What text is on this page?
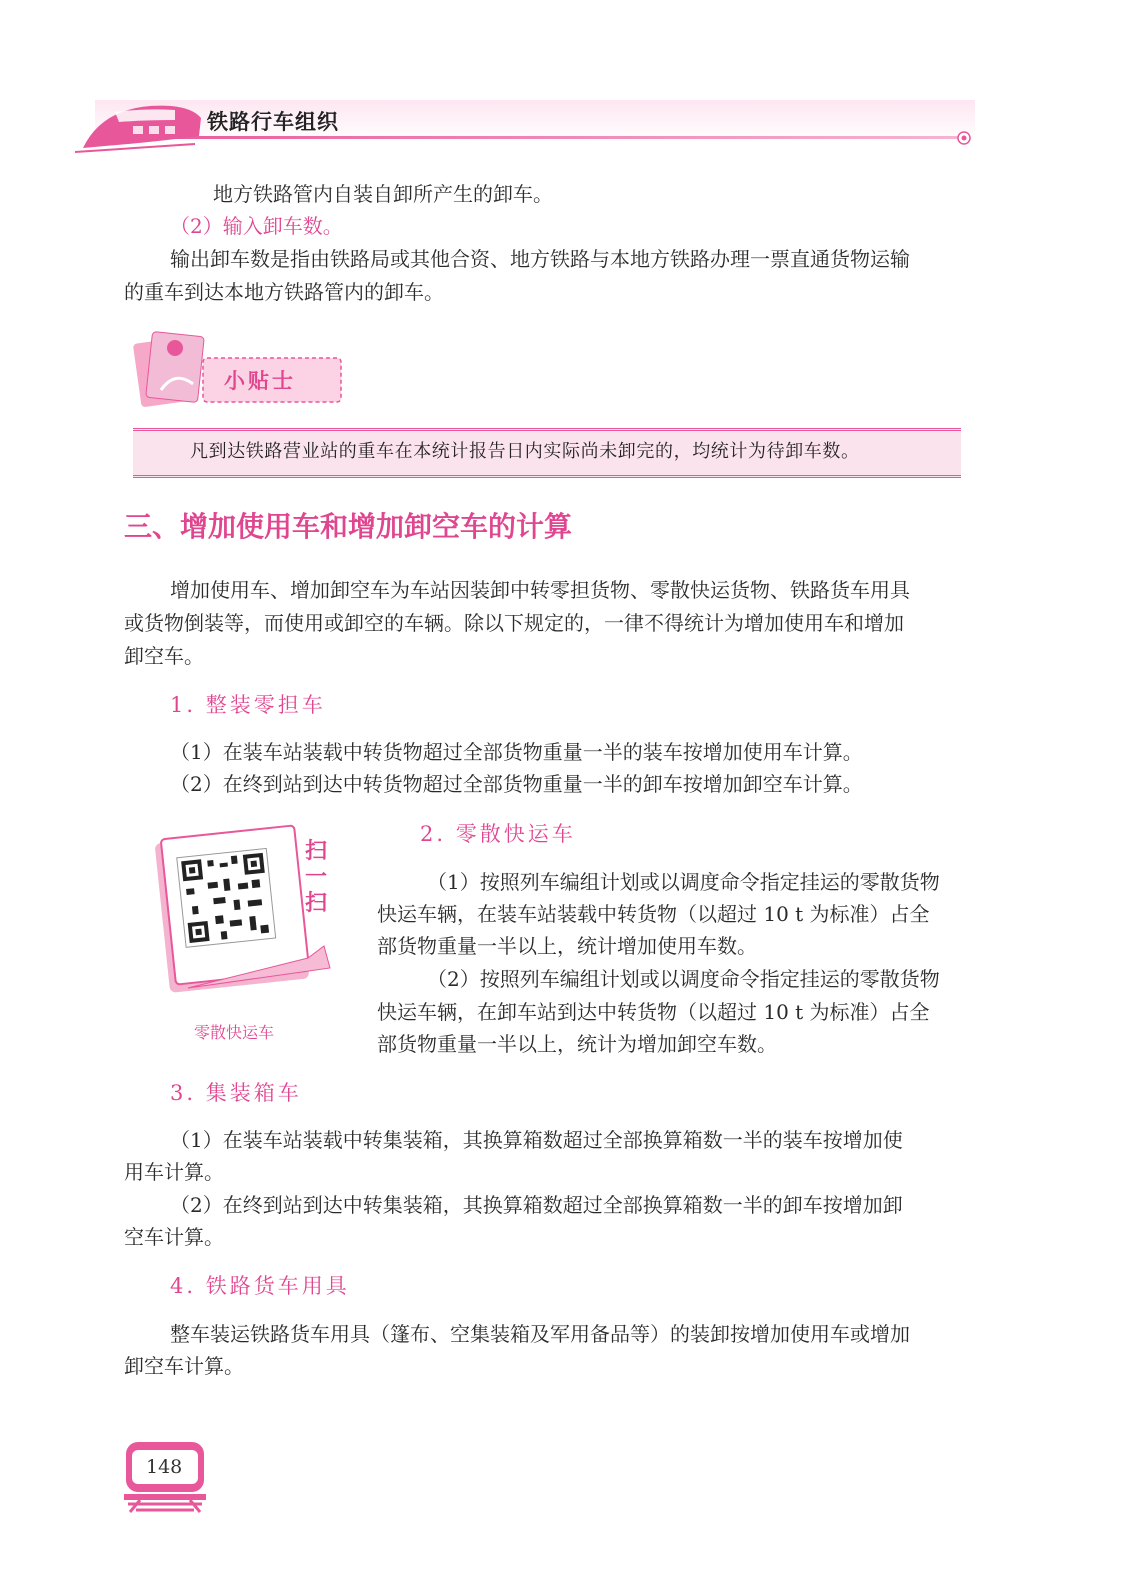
铁路行车组织
地方铁路管内自装自卸所产生的卸车。
（2）输入卸车数。
输出卸车数是指由铁路局或其他合资、地方铁路与本地方铁路办理一票直通货物运输
的重车到达本地方铁路管内的卸车。
小贴士
凡到达铁路营业站的重车在本统计报告日内实际尚未卸完的，均统计为待卸车数。
三、增加使用车和增加卸空车的计算
增加使用车、增加卸空车为车站因装卸中转零担货物、零散快运货物、铁路货车用具
或货物倒装等，而使用或卸空的车辆。除以下规定的，一律不得统计为增加使用车和增加
卸空车。
1. 整装零担车
（1）在装车站装载中转货物超过全部货物重量一半的装车按增加使用车计算。
（2）在终到站到达中转货物超过全部货物重量一半的卸车按增加卸空车计算。
扫
一
扫
零散快运车
2. 零散快运车
（1）按照列车编组计划或以调度命令指定挂运的零散货物
快运车辆，在装车站装载中转货物（以超过 10 t 为标准）占全
部货物重量一半以上，统计增加使用车数。
（2）按照列车编组计划或以调度命令指定挂运的零散货物
快运车辆，在卸车站到达中转货物（以超过 10 t 为标准）占全
部货物重量一半以上，统计为增加卸空车数。
3. 集装箱车
（1）在装车站装载中转集装箱，其换算箱数超过全部换算箱数一半的装车按增加使
用车计算。
（2）在终到站到达中转集装箱，其换算箱数超过全部换算箱数一半的卸车按增加卸
空车计算。
4. 铁路货车用具
整车装运铁路货车用具（篷布、空集装箱及军用备品等）的装卸按增加使用车或增加
卸空车计算。
148
